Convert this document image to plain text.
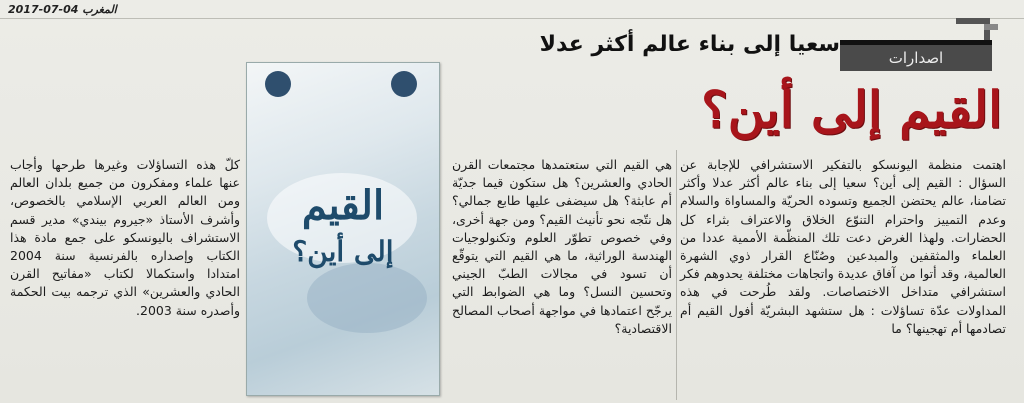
المغرب 04-07-2017
اصدارات
سعيا إلى بناء عالم أكثر عدلا
القيم إلى أين؟

اهتمت منظمة اليونسكو بالتفكير الاستشرافي للإجابة عن السؤال : القيم إلى أين؟ سعيا إلى بناء عالم أكثر عدلا وأكثر تضامنا، عالم يحتضن الجميع وتسوده الحريّة والمساواة والسلام وعدم التمييز واحترام التنوّع الخلاق والاعتراف بثراء كل الحضارات. ولهذا الغرض دعت تلك المنظّمة الأممية عددا من العلماء والمثقفين والمبدعين وصُنّاع القرار ذوي الشهرة العالمية، وقد أتوا من آفاق عديدة واتجاهات مختلفة يحدوهم فكر استشرافي متداخل الاختصاصات. ولقد طُرحت في هذه المداولات عدّة تساؤلات : هل ستشهد البشريّة أفول القيم أم تصادمها أم تهجينها؟ ما

هي القيم التي ستعتمدها مجتمعات القرن الحادي والعشرين؟ هل ستكون قيما جديّة أم عابثة؟ هل سيضفى عليها طابع جمالي؟ هل نتّجه نحو تأنيث القيم؟ ومن جهة أخرى، وفي خصوص تطوّر العلوم وتكنولوجيات الهندسة الوراثية، ما هي القيم التي يتوقّع أن تسود في مجالات الطبّ الجيني وتحسين النسل؟ وما هي الضوابط التي يرجّح اعتمادها في مواجهة أصحاب المصالح الاقتصادية؟

القيم
إلى أين؟

كلّ هذه التساؤلات وغيرها طرحها وأجاب عنها علماء ومفكرون من جميع بلدان العالم ومن العالم العربي الإسلامي بالخصوص، وأشرف الأستاذ «جيروم بيندي» مدير قسم الاستشراف باليونسكو على جمع مادة هذا الكتاب وإصداره بالفرنسية سنة 2004 امتدادا واستكمالا لكتاب «مفاتيح القرن الحادي والعشرين» الذي ترجمه بيت الحكمة وأصدره سنة 2003.
